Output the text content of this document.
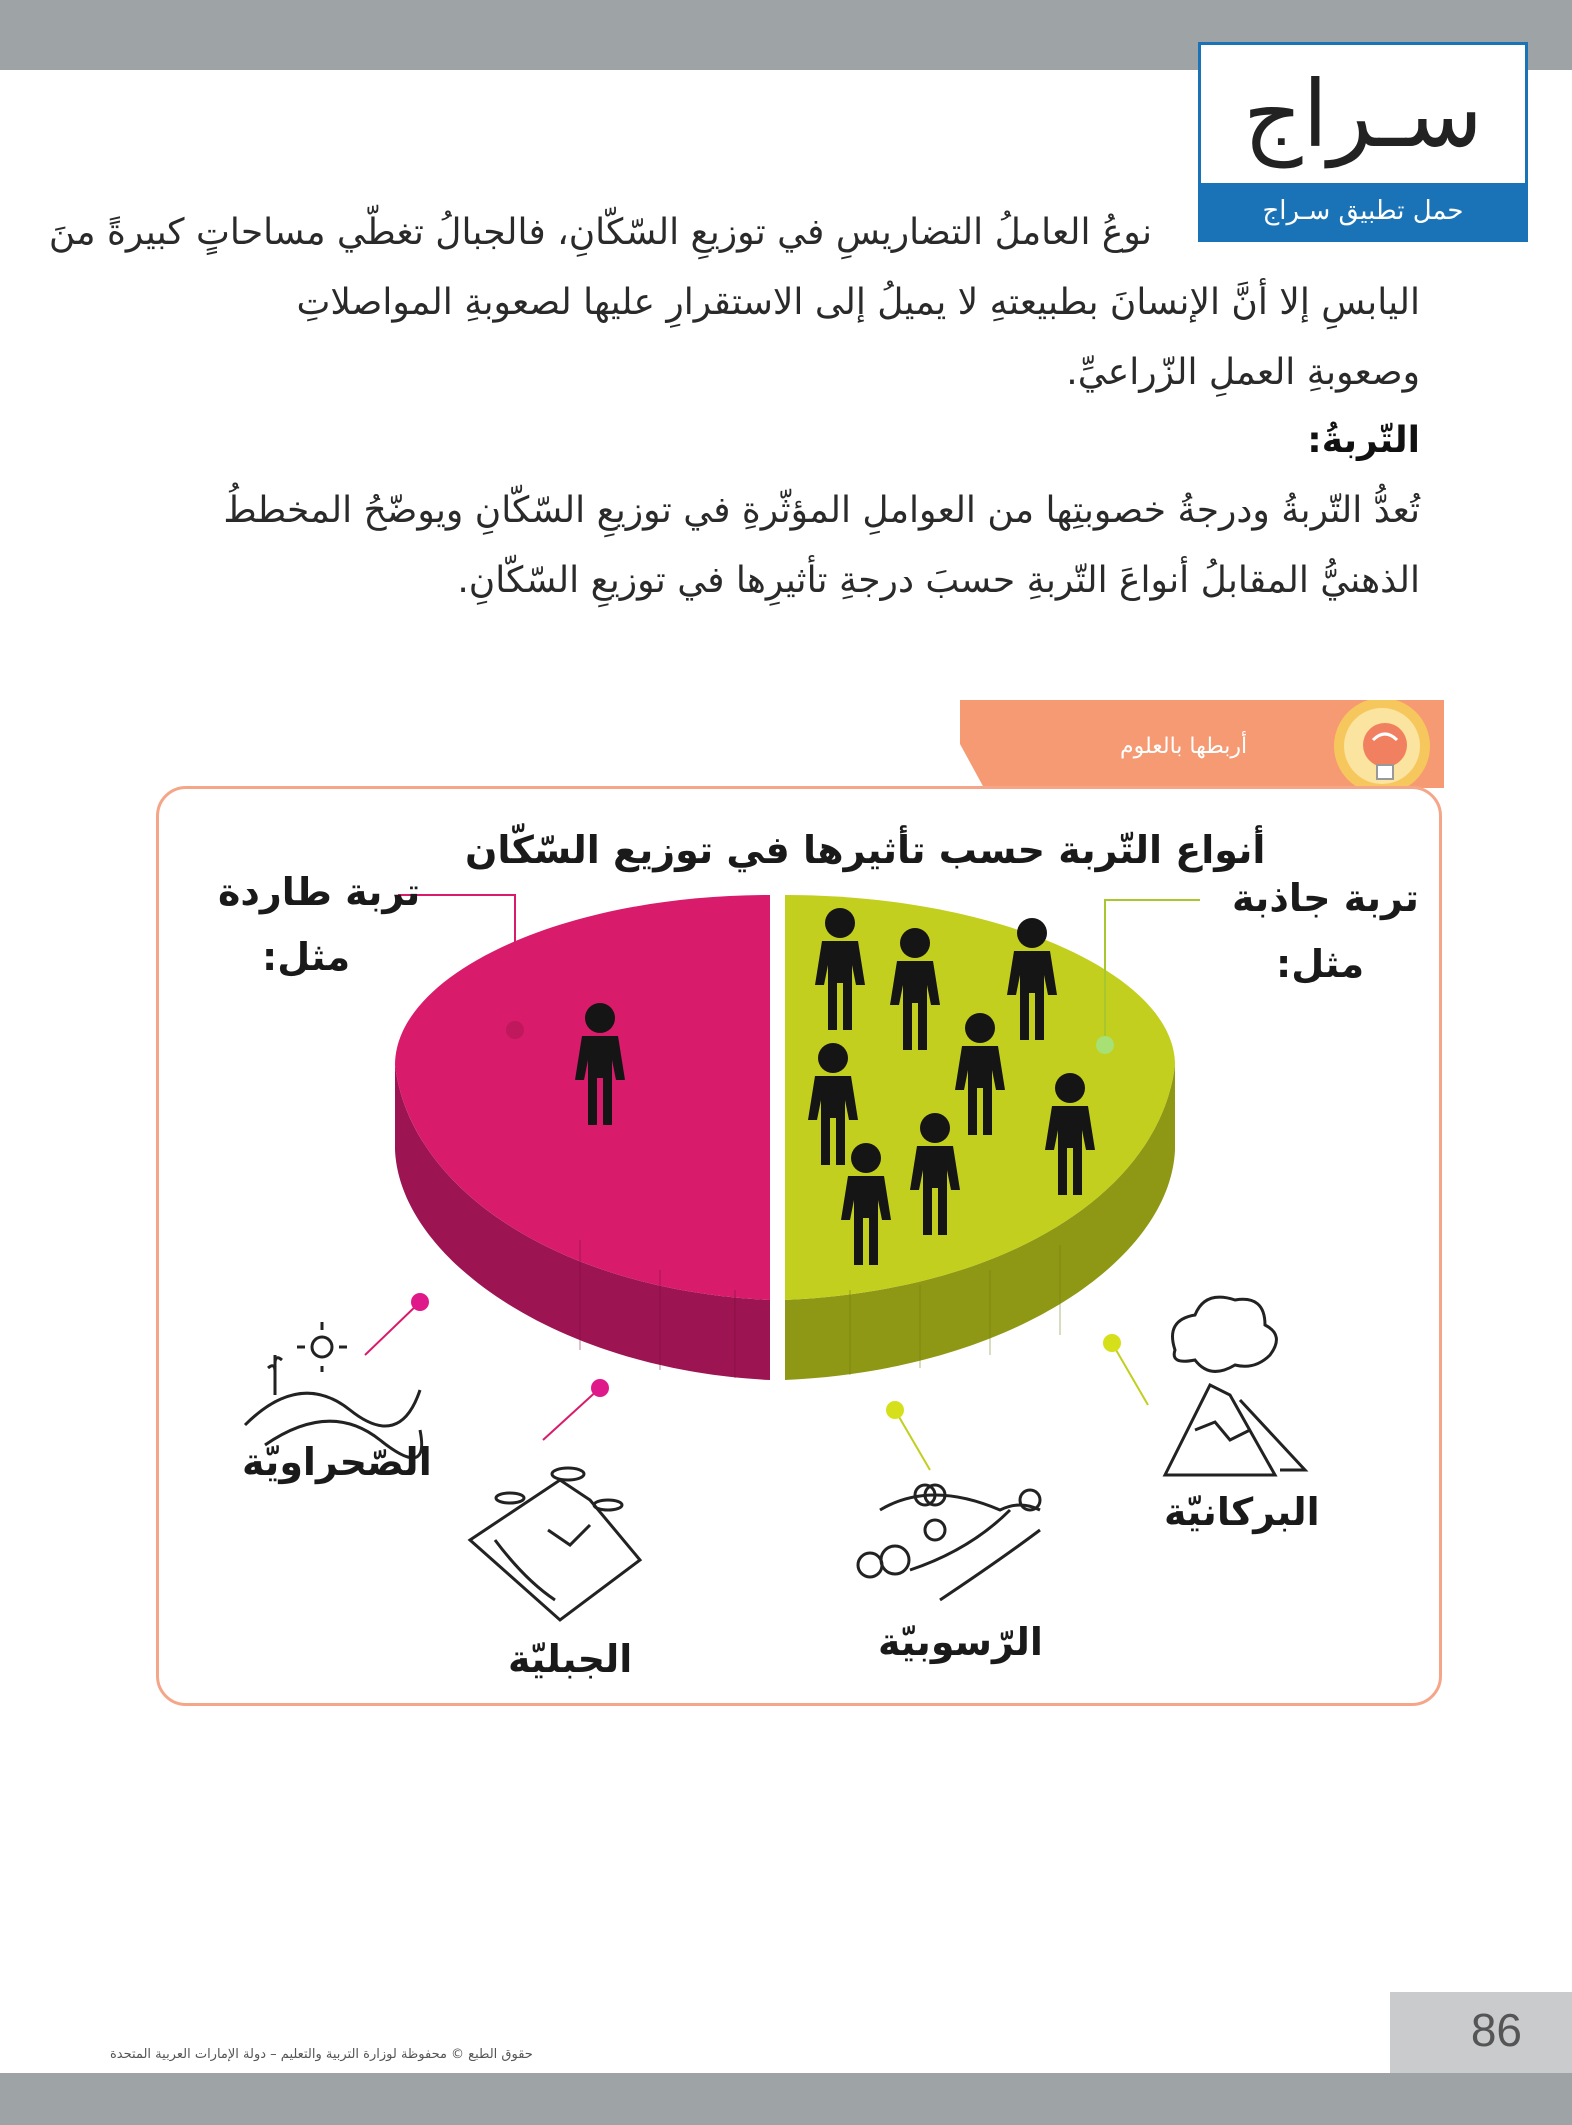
سـراج
حمل تطبيق سـراج
نوعُ العاملُ التضاريسِ في توزيعِ السّكّانِ، فالجبالُ تغطّي مساحاتٍ كبيرةً منَ
اليابسِ إلا أنَّ الإنسانَ بطبيعتهِ لا يميلُ إلى الاستقرارِ عليها لصعوبةِ المواصلاتِ
وصعوبةِ العملِ الزّراعيِّ.
التّربةُ:
تُعدُّ التّربةُ ودرجةُ خصوبتِها من العواملِ المؤثّرةِ في توزيعِ السّكّانِ ويوضّحُ المخططُ
الذهنيُّ المقابلُ أنواعَ التّربةِ حسبَ درجةِ تأثيرِها في توزيعِ السّكّانِ.
أربطها بالعلوم
أنواع التّربة حسب تأثيرها في توزيع السّكّان
تربة طاردة
مثل:
تربة جاذبة
مثل:
الصّحراويّة
الجبليّة	الرّسوبيّة
البركانيّة
86
حقوق الطبع © محفوظة لوزارة التربية والتعليم – دولة الإمارات العربية المتحدة
